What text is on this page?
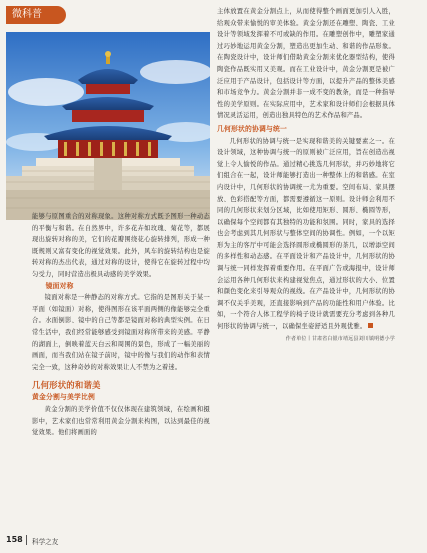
微科普

能够与原图重合的对称现象。这种对称方式既予图形一种动态的平衡与和谐。在自然界中，许多花卉如玫瑰、菊花等，都展现出旋转对称的美，它们的花瓣围绕花心旋转排列，形成一种既规则又富有变化的视觉效果。此外，风车的旋转结构也是旋转对称的杰出代表，通过对称的设计，使得它在旋转过程中均匀受力，同时营造出极具动感的美学效果。

镜面对称

镜面对称是一种静态的对称方式。它指的是图形关于某一平面（如镜面）对称，使得图形在该平面两侧的像能够完全重合。水面倒影、镜中的自己等都是镜面对称的典型实例。在日常生活中，我们经常能够感受到镜面对称所带来的美感。平静的湖面上，倒映着蓝天白云和周围的景色，形成了一幅美丽的画面，而当我们站在镜子前时，镜中的像与我们的动作和表情完全一致，这种奇妙的对称效果让人不禁为之着迷。

几何形状的和谐美
黄金分割与美学比例

黄金分割的美学价值不仅仅体现在建筑领域，在绘画和摄影中，艺术家们也常常利用黄金分割来构图，以达到最佳的视觉效果。他们将画面的

主体放置在黄金分割点上，从而使得整个画面更加引人入胜，给观众带来愉悦的审美体验。黄金分割还在雕塑、陶瓷、工业设计等领域发挥着不可或缺的作用。在雕塑创作中，雕塑家通过巧妙地运用黄金分割，塑造出更加生动、和谐的作品形象。在陶瓷设计中，设计师们借助黄金分割来优化器型结构，使得陶瓷作品既实用又美观。而在工业设计中，黄金分割更是被广泛应用于产品设计，包括设计等方面，以提升产品的整体美感和市场竞争力。黄金分割并非一成不变的教条，而是一种指导性的美学原则。在实际应用中，艺术家和设计师们会根据具体情况灵活运用，创造出独具特色的艺术作品和产品。

几何形状的协调与统一

几何形状的协调与统一是实现和谐美的关键要素之一。在设计领域，这种协调与统一的原则被广泛应用，旨在创造出视觉上令人愉悦的作品。通过精心挑选几何形状，并巧妙地将它们组合在一起，设计师能够打造出一种整体上的和谐感。在室内设计中，几何形状的协调统一尤为重要。空间布局、家具摆放、色彩搭配等方面，都需要遵循这一原则。设计师会利用不同的几何形状来划分区域，比如使用矩形、圆形、椭圆等形，以确保每个空间都有其独特的功能和氛围。同时，家具的选择也会考虑到其几何形状与整体空间的协调性。例如，一个以矩形为主的客厅中可能会选择圆形或椭圆形的茶几，以增添空间的多样性和动态感。在平面设计和产品设计中，几何形状的协调与统一同样发挥着重要作用。在平面广告或海报中，设计师会运用各种几何形状来构建视觉焦点，通过形状的大小、位置和颜色变化来引导观众的视线。在产品设计中，几何形状的协调不仅关乎美观，还直接影响到产品的功能性和用户体验。比如，一个符合人体工程学的椅子设计就需要充分考虑到各种几何形状的协调与统一，以确保坐姿舒适且外观优雅。

作者单位丨甘肃省白银市靖远县刘川镇明德小学
158 科学之友
